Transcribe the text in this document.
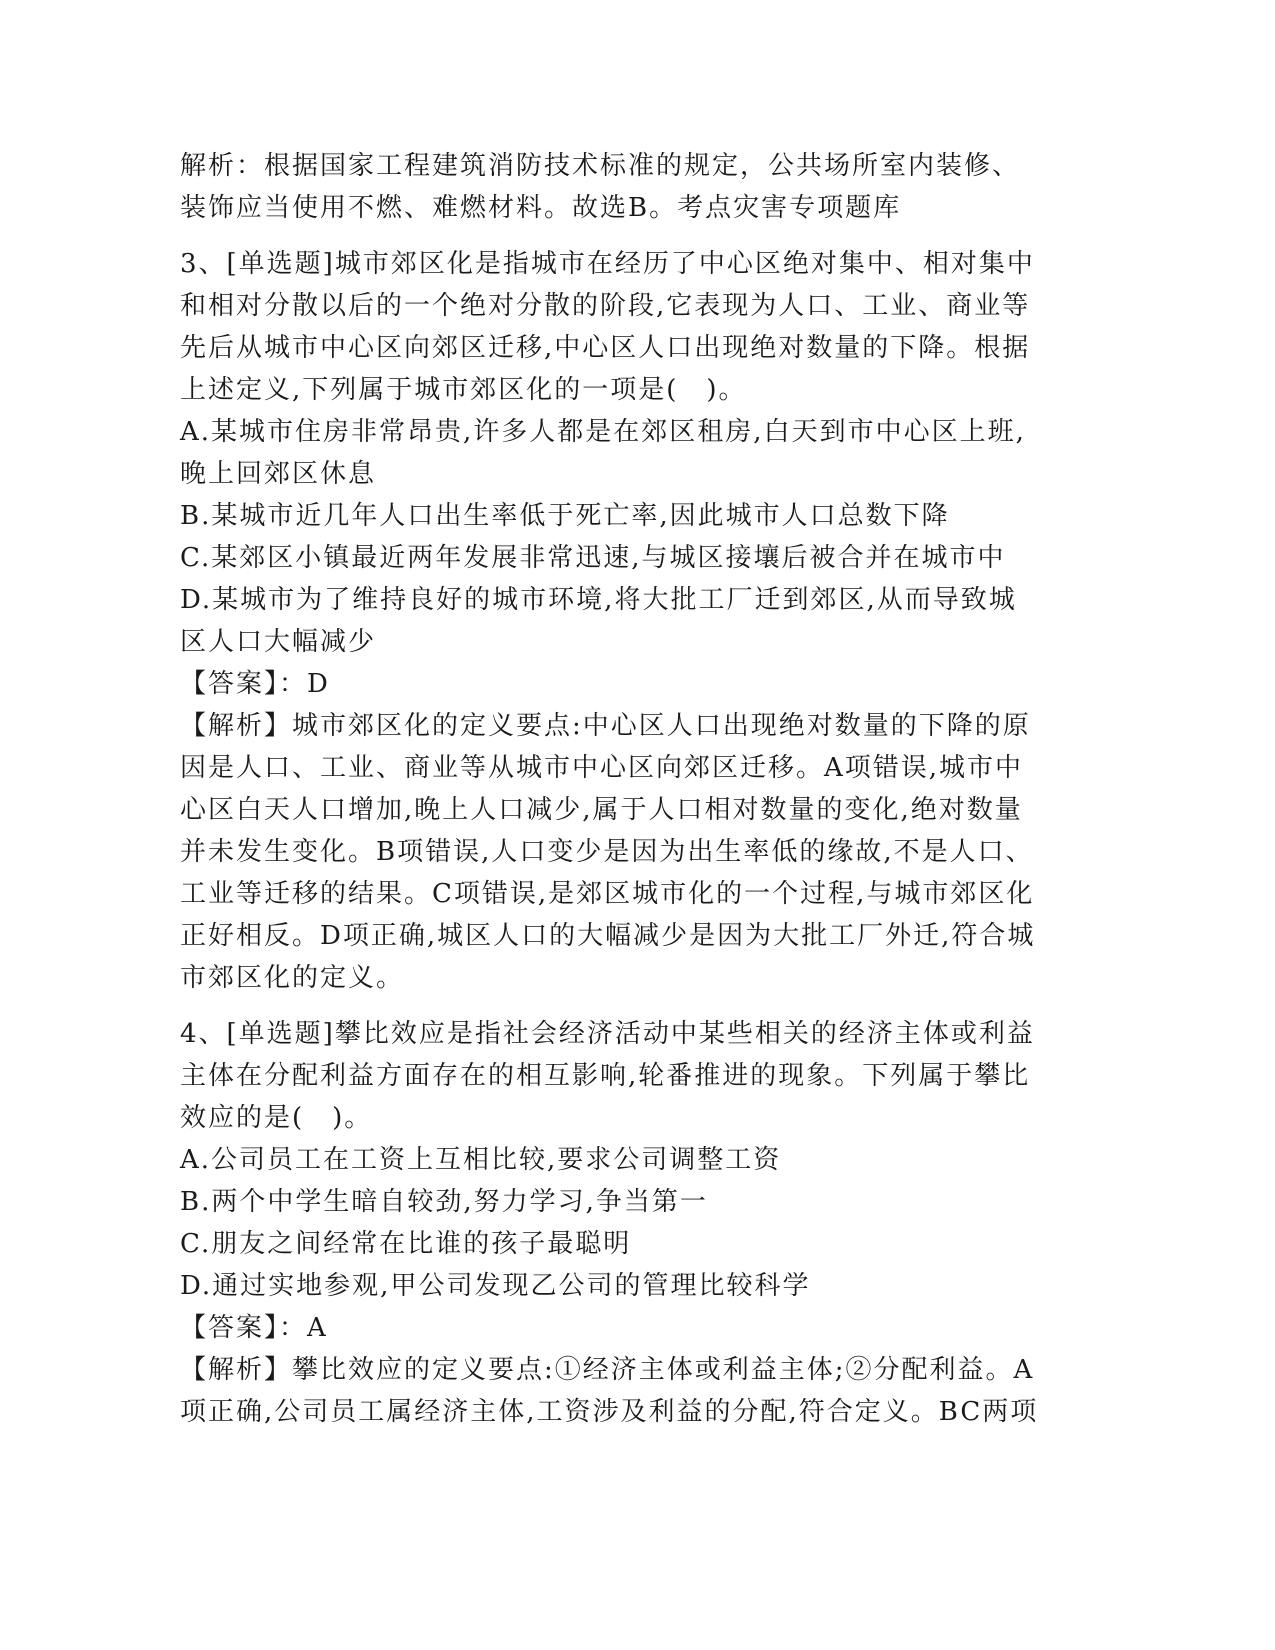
解析：根据国家工程建筑消防技术标准的规定，公共场所室内装修、
装饰应当使用不燃、难燃材料。故选B。考点灾害专项题库
3、[单选题]城市郊区化是指城市在经历了中心区绝对集中、相对集中
和相对分散以后的一个绝对分散的阶段,它表现为人口、工业、商业等
先后从城市中心区向郊区迁移,中心区人口出现绝对数量的下降。根据
上述定义,下列属于城市郊区化的一项是(　)。
A.某城市住房非常昂贵,许多人都是在郊区租房,白天到市中心区上班,
晚上回郊区休息
B.某城市近几年人口出生率低于死亡率,因此城市人口总数下降
C.某郊区小镇最近两年发展非常迅速,与城区接壤后被合并在城市中
D.某城市为了维持良好的城市环境,将大批工厂迁到郊区,从而导致城
区人口大幅减少
【答案】：D
【解析】城市郊区化的定义要点:中心区人口出现绝对数量的下降的原
因是人口、工业、商业等从城市中心区向郊区迁移。A项错误,城市中
心区白天人口增加,晚上人口减少,属于人口相对数量的变化,绝对数量
并未发生变化。B项错误,人口变少是因为出生率低的缘故,不是人口、
工业等迁移的结果。C项错误,是郊区城市化的一个过程,与城市郊区化
正好相反。D项正确,城区人口的大幅减少是因为大批工厂外迁,符合城
市郊区化的定义。
4、[单选题]攀比效应是指社会经济活动中某些相关的经济主体或利益
主体在分配利益方面存在的相互影响,轮番推进的现象。下列属于攀比
效应的是(　)。
A.公司员工在工资上互相比较,要求公司调整工资
B.两个中学生暗自较劲,努力学习,争当第一
C.朋友之间经常在比谁的孩子最聪明
D.通过实地参观,甲公司发现乙公司的管理比较科学
【答案】：A
【解析】攀比效应的定义要点:①经济主体或利益主体;②分配利益。A
项正确,公司员工属经济主体,工资涉及利益的分配,符合定义。BC两项
